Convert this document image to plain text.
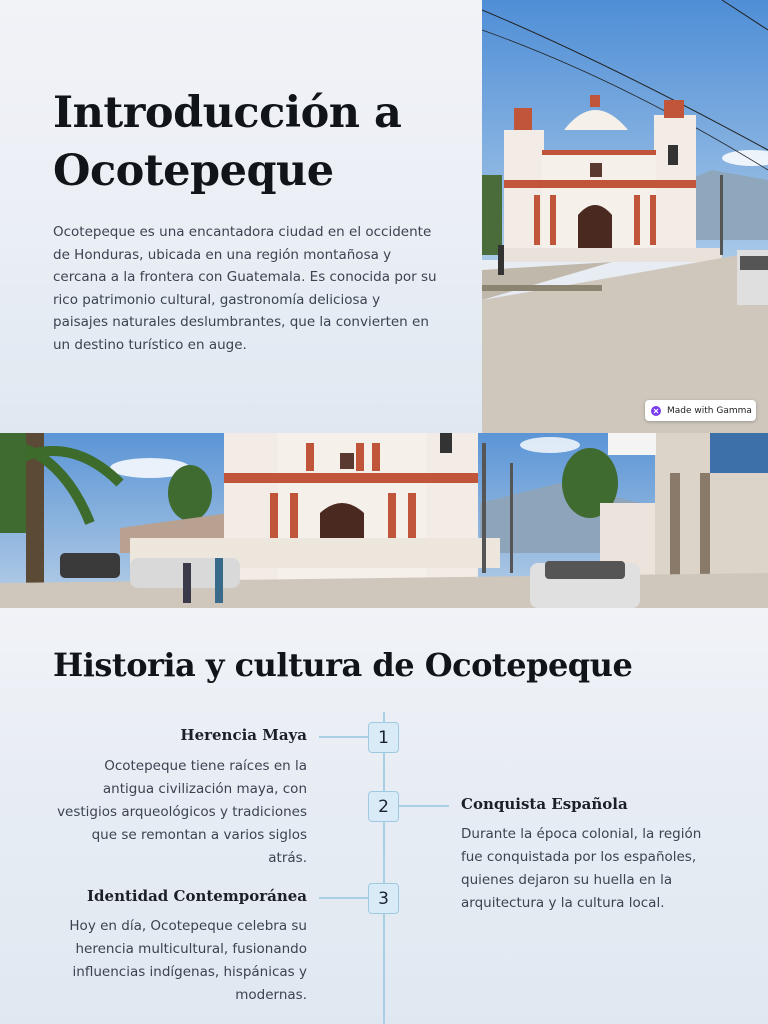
Introducción a Ocotepeque

Ocotepeque es una encantadora ciudad en el occidente de Honduras, ubicada en una región montañosa y cercana a la frontera con Guatemala. Es conocida por su rico patrimonio cultural, gastronomía deliciosa y paisajes naturales deslumbrantes, que la convierten en un destino turístico en auge.

Made with Gamma
Historia y cultura de Ocotepeque
1
Herencia Maya
Ocotepeque tiene raíces en la antigua civilización maya, con vestigios arqueológicos y tradiciones que se remontan a varios siglos atrás.
2	Conquista Española
Durante la época colonial, la región fue conquistada por los españoles, quienes dejaron su huella en la arquitectura y la cultura local.
3
Identidad Contemporánea
Hoy en día, Ocotepeque celebra su herencia multicultural, fusionando influencias indígenas, hispánicas y modernas.
